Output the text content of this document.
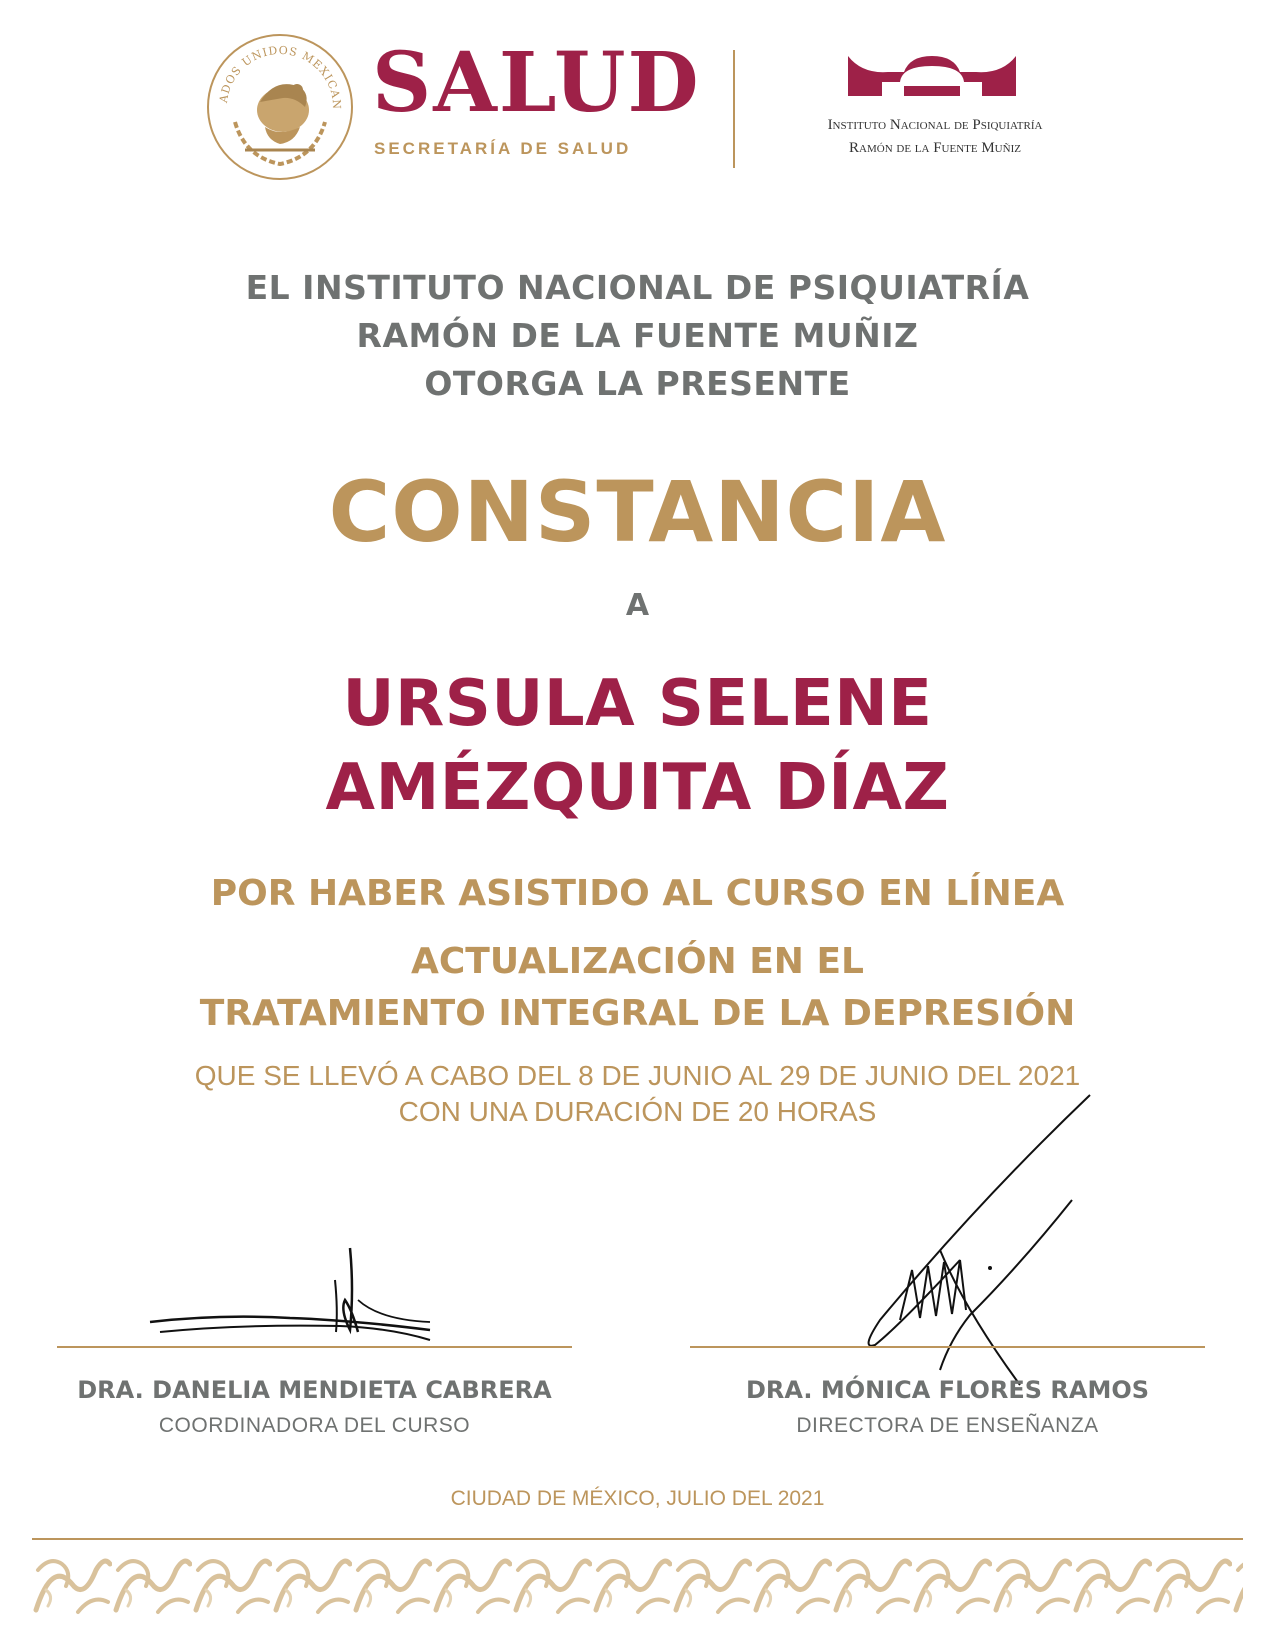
ADOS UNIDOS MEXICAN SALUD
SECRETARÍA DE SALUD
Instituto Nacional de Psiquiatría
Ramón de la Fuente Muñiz
EL INSTITUTO NACIONAL DE PSIQUIATRÍA
RAMÓN DE LA FUENTE MUÑIZ
OTORGA LA PRESENTE
CONSTANCIA
A
URSULA SELENE
AMÉZQUITA DÍAZ
POR HABER ASISTIDO AL CURSO EN LÍNEA
ACTUALIZACIÓN EN EL
TRATAMIENTO INTEGRAL DE LA DEPRESIÓN
QUE SE LLEVÓ A CABO DEL 8 DE JUNIO AL 29 DE JUNIO DEL 2021
CON UNA DURACIÓN DE 20 HORAS
DRA. DANELIA MENDIETA CABRERA
COORDINADORA DEL CURSO
DRA. MÓNICA FLORES RAMOS
DIRECTORA DE ENSEÑANZA
CIUDAD DE MÉXICO, JULIO DEL 2021
